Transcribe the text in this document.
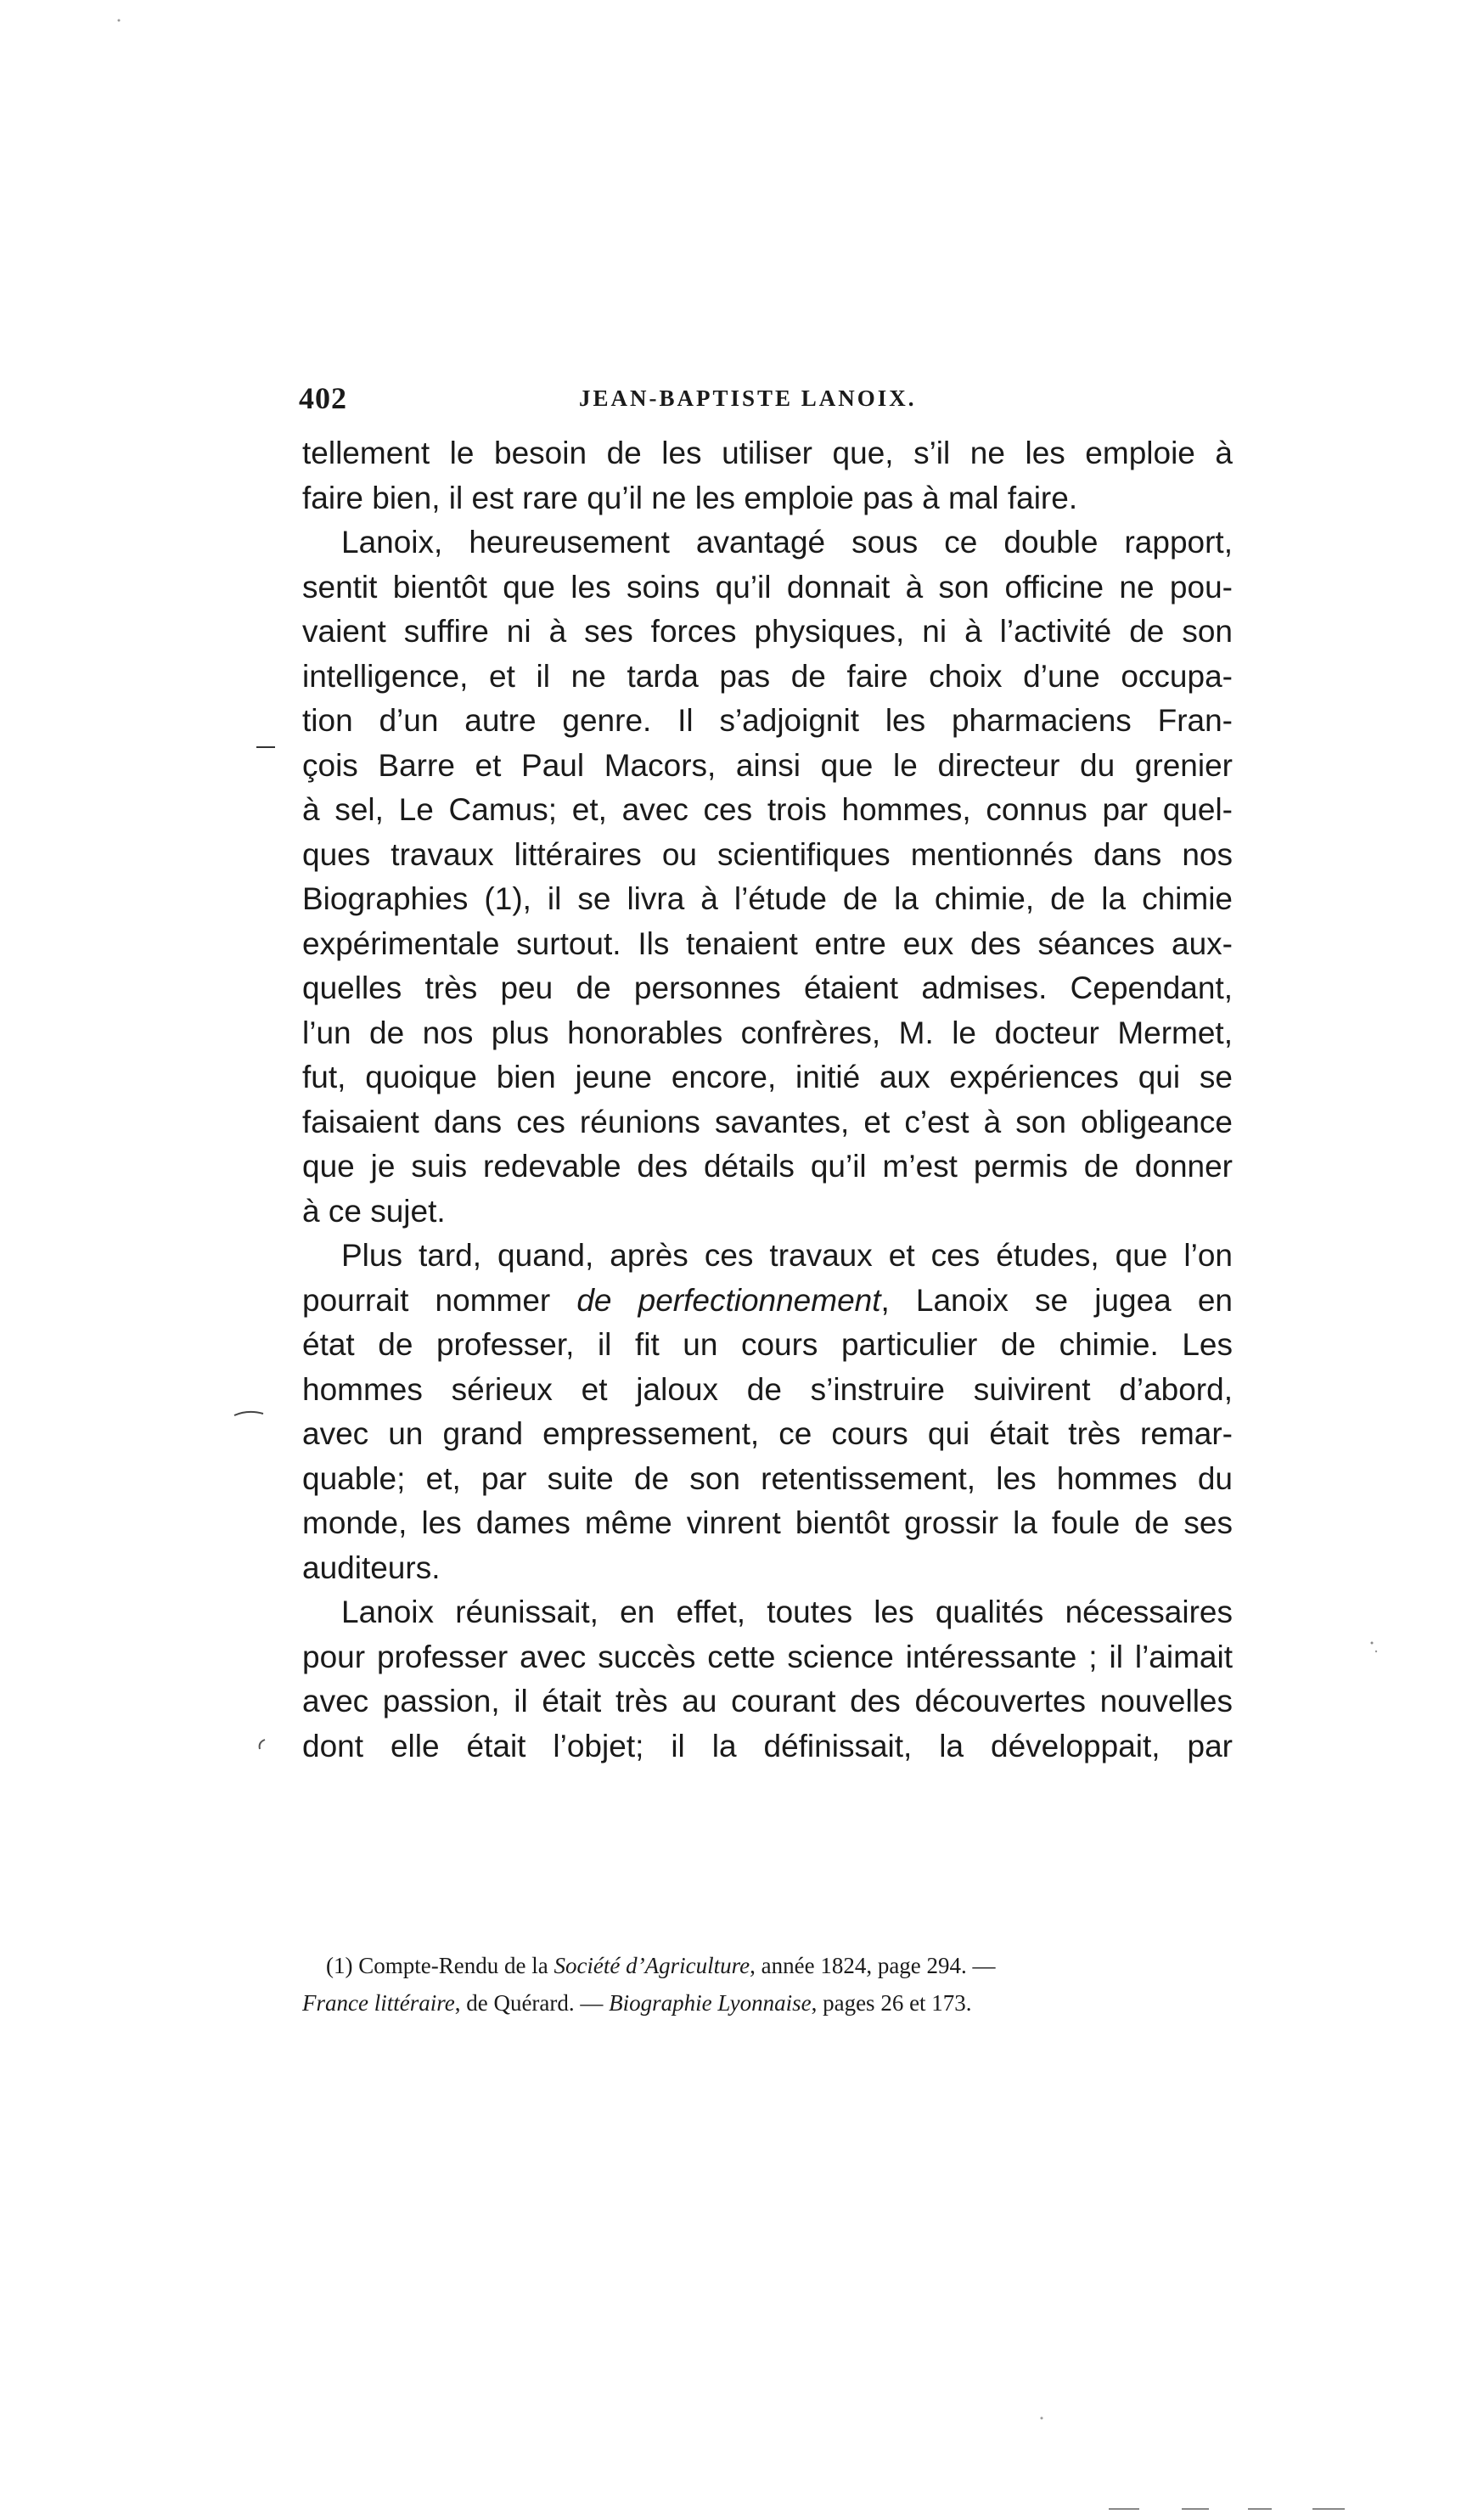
402	JEAN-BAPTISTE LANOIX.

tellement le besoin de les utiliser que, s’il ne les emploie à
faire bien, il est rare qu’il ne les emploie pas à mal faire.

Lanoix, heureusement avantagé sous ce double rapport,
sentit bientôt que les soins qu’il donnait à son officine ne pou-
vaient suffire ni à ses forces physiques, ni à l’activité de son
intelligence, et il ne tarda pas de faire choix d’une occupa-
tion d’un autre genre. Il s’adjoignit les pharmaciens Fran-
çois Barre et Paul Macors, ainsi que le directeur du grenier
à sel, Le Camus; et, avec ces trois hommes, connus par quel-
ques travaux littéraires ou scientifiques mentionnés dans nos
Biographies (1), il se livra à l’étude de la chimie, de la chimie
expérimentale surtout. Ils tenaient entre eux des séances aux-
quelles très peu de personnes étaient admises. Cependant,
l’un de nos plus honorables confrères, M. le docteur Mermet,
fut, quoique bien jeune encore, initié aux expériences qui se
faisaient dans ces réunions savantes, et c’est à son obligeance
que je suis redevable des détails qu’il m’est permis de donner
à ce sujet.

Plus tard, quand, après ces travaux et ces études, que l’on
pourrait nommer de perfectionnement, Lanoix se jugea en
état de professer, il fit un cours particulier de chimie. Les
hommes sérieux et jaloux de s’instruire suivirent d’abord,
avec un grand empressement, ce cours qui était très remar-
quable; et, par suite de son retentissement, les hommes du
monde, les dames même vinrent bientôt grossir la foule de ses
auditeurs.

Lanoix réunissait, en effet, toutes les qualités nécessaires
pour professer avec succès cette science intéressante ; il l’aimait
avec passion, il était très au courant des découvertes nouvelles
dont elle était l’objet; il la définissait, la développait, par

(1) Compte-Rendu de la Société d’Agriculture, année 1824, page 294. —
France littéraire, de Quérard. — Biographie Lyonnaise, pages 26 et 173.
